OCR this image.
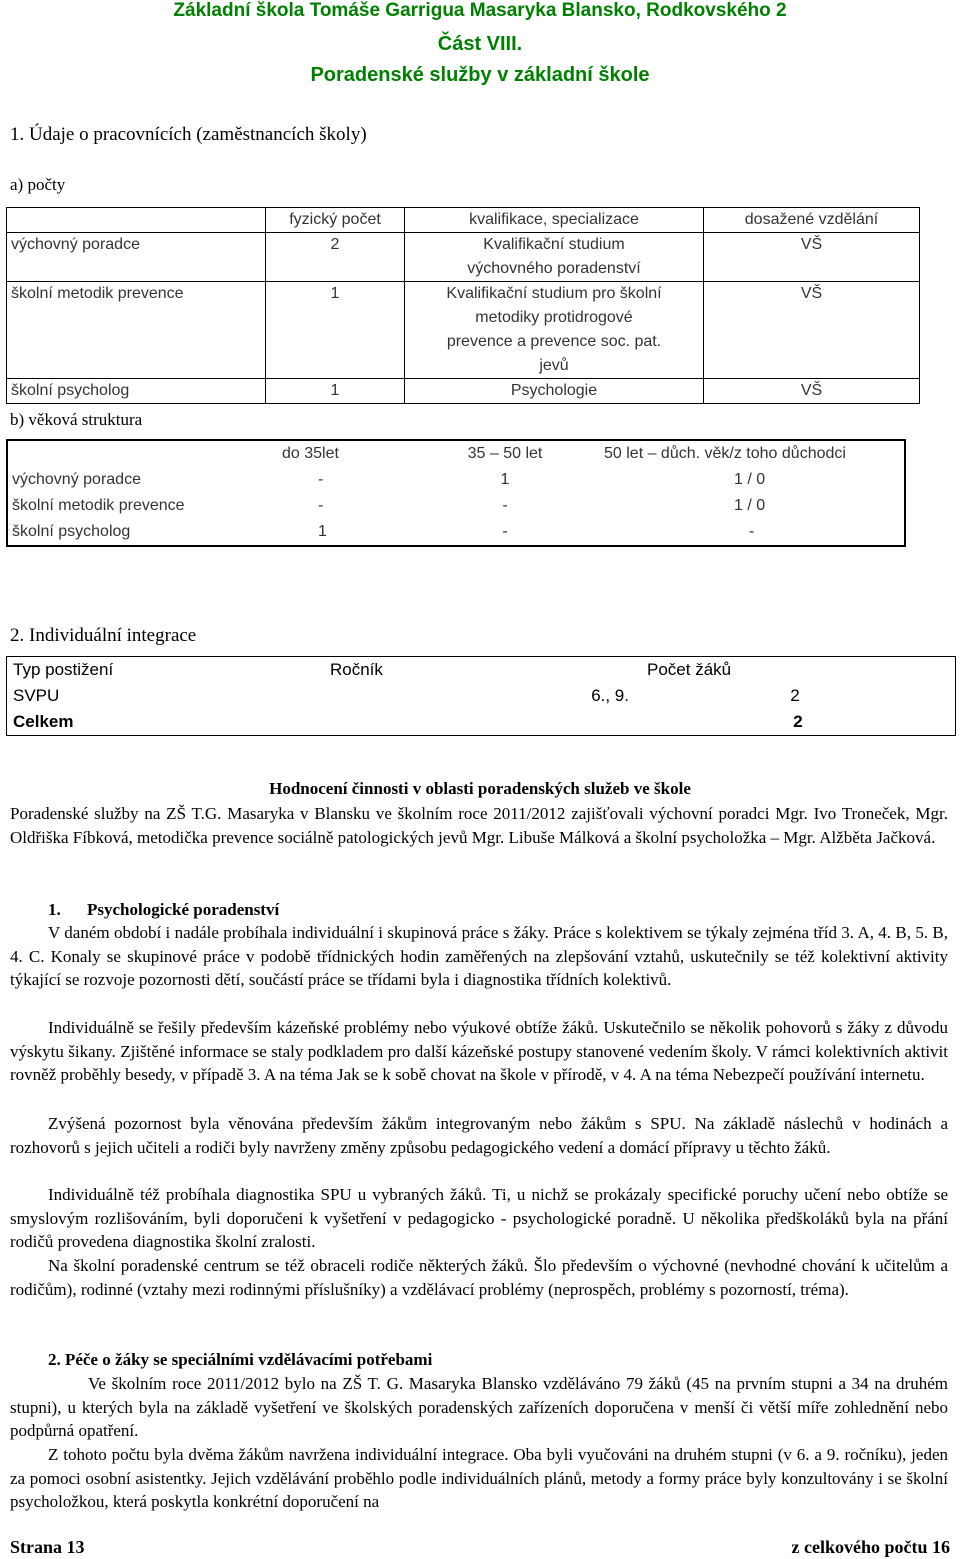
Základní škola Tomáše Garrigua Masaryka Blansko, Rodkovského 2
Část VIII.
Poradenské služby v základní škole
1. Údaje o pracovnících (zaměstnancích školy)
a) počty
	fyzický počet	kvalifikace, specializace	dosažené vzdělání
výchovný poradce	2	Kvalifikační studium výchovného poradenství	VŠ
školní metodik prevence	1	Kvalifikační studium pro školní metodiky protidrogové prevence a prevence soc. pat. jevů	VŠ
školní psycholog	1	Psychologie	VŠ
b) věková struktura
	do 35let	35 – 50 let	50 let – důch. věk/z toho důchodci
výchovný poradce	-	1	1 / 0
školní metodik prevence	-	-	1 / 0
školní psycholog	1	-	-
2. Individuální integrace
Typ postižení	Ročník	Počet žáků
SVPU	6., 9.	2
Celkem		2
Hodnocení činnosti v oblasti poradenských služeb ve škole
Poradenské služby na ZŠ T.G. Masaryka v Blansku ve školním roce 2011/2012 zajišťovali výchovní poradci Mgr. Ivo Troneček, Mgr. Oldřiška Fíbková, metodička prevence sociálně patologických jevů Mgr. Libuše Málková a školní psycholožka – Mgr. Alžběta Jačková.
1. Psychologické poradenství
V daném období i nadále probíhala individuální i skupinová práce s žáky. Práce s kolektivem se týkaly zejména tříd 3. A, 4. B, 5. B, 4. C. Konaly se skupinové práce v podobě třídnických hodin zaměřených na zlepšování vztahů, uskutečnily se též kolektivní aktivity týkající se rozvoje pozornosti dětí, součástí práce se třídami byla i diagnostika třídních kolektivů.
Individuálně se řešily především kázeňské problémy nebo výukové obtíže žáků. Uskutečnilo se několik pohovorů s žáky z důvodu výskytu šikany. Zjištěné informace se staly podkladem pro další kázeňské postupy stanovené vedením školy. V rámci kolektivních aktivit rovněž proběhly besedy, v případě 3. A na téma Jak se k sobě chovat na škole v přírodě, v 4. A na téma Nebezpečí používání internetu.
Zvýšená pozornost byla věnována především žákům integrovaným nebo žákům s SPU. Na základě náslechů v hodinách a rozhovorů s jejich učiteli a rodiči byly navrženy změny způsobu pedagogického vedení a domácí přípravy u těchto žáků.
Individuálně též probíhala diagnostika SPU u vybraných žáků. Ti, u nichž se prokázaly specifické poruchy učení nebo obtíže se smyslovým rozlišováním, byli doporučeni k vyšetření v pedagogicko - psychologické poradně. U několika předškoláků byla na přání rodičů provedena diagnostika školní zralosti.
Na školní poradenské centrum se též obraceli rodiče některých žáků. Šlo především o výchovné (nevhodné chování k učitelům a rodičům), rodinné (vztahy mezi rodinnými příslušníky) a vzdělávací problémy (neprospěch, problémy s pozorností, tréma).
2. Péče o žáky se speciálními vzdělávacími potřebami
Ve školním roce 2011/2012 bylo na ZŠ T. G. Masaryka Blansko vzděláváno 79 žáků (45 na prvním stupni a 34 na druhém stupni), u kterých byla na základě vyšetření ve školských poradenských zařízeních doporučena v menší či větší míře zohlednění nebo podpůrná opatření.
Z tohoto počtu byla dvěma žákům navržena individuální integrace. Oba byli vyučováni na druhém stupni (v 6. a 9. ročníku), jeden za pomoci osobní asistentky. Jejich vzdělávání proběhlo podle individuálních plánů, metody a formy práce byly konzultovány i se školní psycholožkou, která poskytla konkrétní doporučení na
Strana 13	z celkového počtu 16
